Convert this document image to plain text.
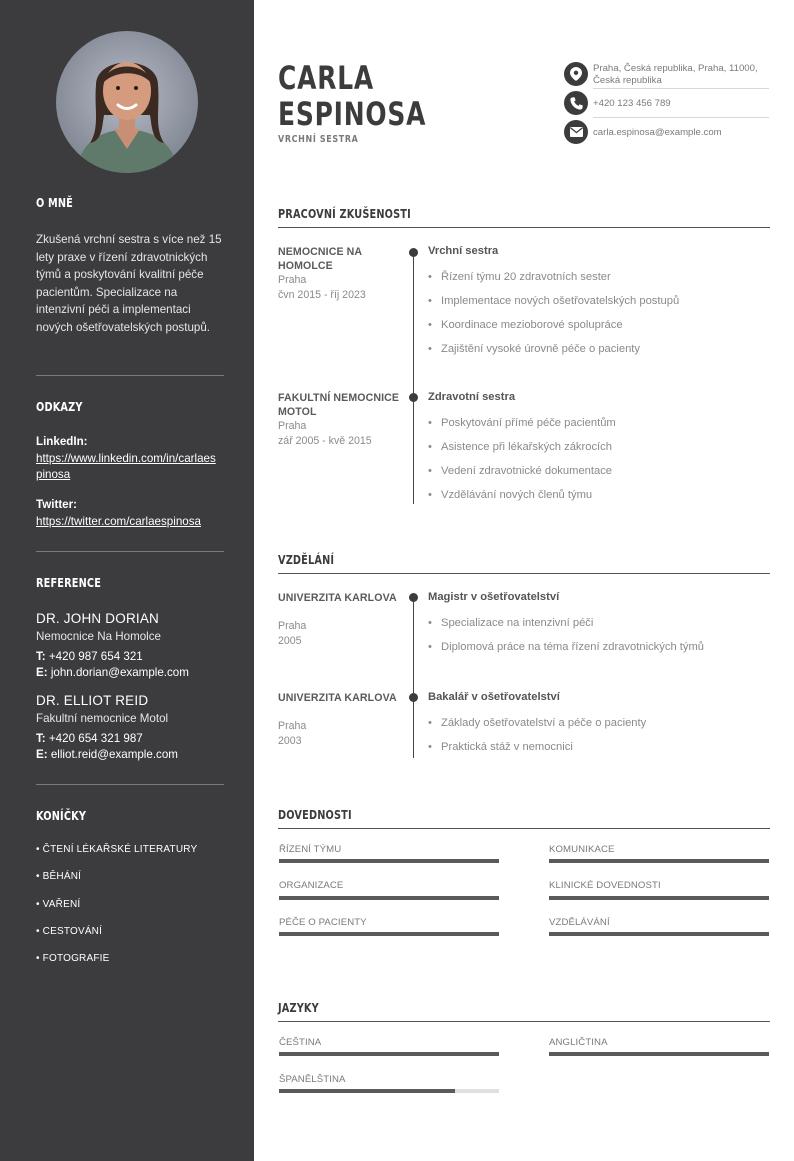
O MNĚ
Zkušená vrchní sestra s více než 15 lety praxe v řízení zdravotnických týmů a poskytování kvalitní péče pacientům. Specializace na intenzivní péči a implementaci nových ošetřovatelských postupů.
ODKAZY
LinkedIn:
https://www.linkedin.com/in/carlaespinosa
Twitter:
https://twitter.com/carlaespinosa
REFERENCE
DR. JOHN DORIAN
Nemocnice Na Homolce
T: +420 987 654 321
E: john.dorian@example.com
DR. ELLIOT REID
Fakultní nemocnice Motol
T: +420 654 321 987
E: elliot.reid@example.com
KONÍČKY
• ČTENÍ LÉKAŘSKÉ LITERATURY
• BĚHÁNÍ
• VAŘENÍ
• CESTOVÁNÍ
• FOTOGRAFIE
CARLA
ESPINOSA
VRCHNÍ SESTRA
Praha, Česká republika, Praha, 11000, Česká republika
+420 123 456 789
carla.espinosa@example.com
PRACOVNÍ ZKUŠENOSTI
NEMOCNICE NA HOMOLCE
Praha
čvn 2015 - říj 2023
Vrchní sestra
• Řízení týmu 20 zdravotních sester
• Implementace nových ošetřovatelských postupů
• Koordinace mezioborové spolupráce
• Zajištění vysoké úrovně péče o pacienty
FAKULTNÍ NEMOCNICE MOTOL
Praha
zář 2005 - kvě 2015
Zdravotní sestra
• Poskytování přímé péče pacientům
• Asistence při lékařských zákrocích
• Vedení zdravotnické dokumentace
• Vzdělávání nových členů týmu
VZDĚLÁNÍ
UNIVERZITA KARLOVA
Praha
2005
Magistr v ošetřovatelství
• Specializace na intenzivní péči
• Diplomová práce na téma řízení zdravotnických týmů
UNIVERZITA KARLOVA
Praha
2003
Bakalář v ošetřovatelství
• Základy ošetřovatelství a péče o pacienty
• Praktická stáž v nemocnici
DOVEDNOSTI
ŘÍZENÍ TÝMU	KOMUNIKACE
ORGANIZACE	KLINICKÉ DOVEDNOSTI
PÉČE O PACIENTY	VZDĚLÁVÁNÍ
JAZYKY
ČEŠTINA	ANGLIČTINA
ŠPANĚLŠTINA
